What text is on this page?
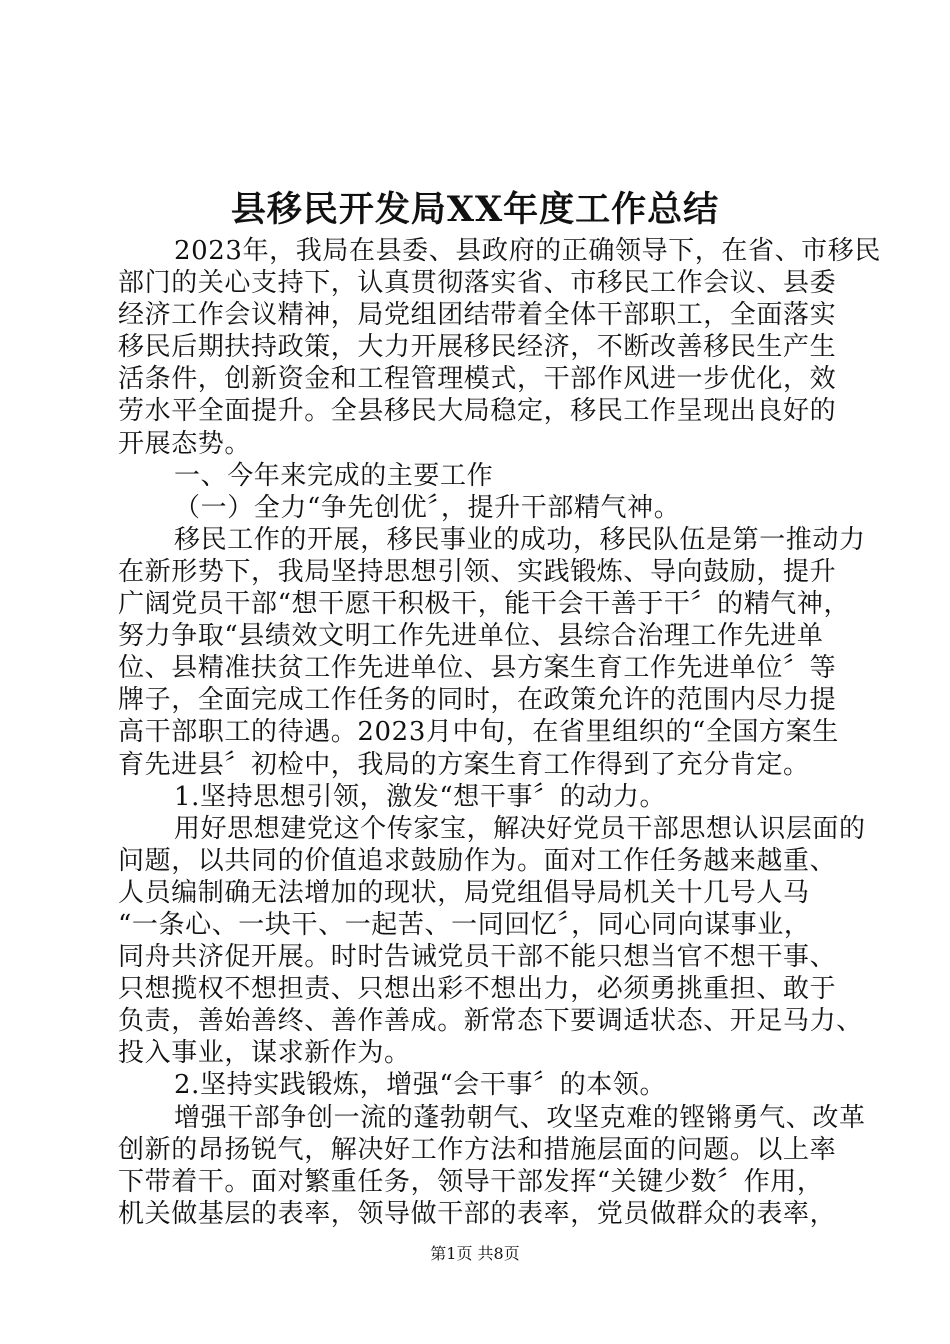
县移民开发局XX年度工作总结
2023年，我局在县委、县政府的正确领导下，在省、市移民
部门的关心支持下，认真贯彻落实省、市移民工作会议、县委
经济工作会议精神，局党组团结带着全体干部职工，全面落实
移民后期扶持政策，大力开展移民经济，不断改善移民生产生
活条件，创新资金和工程管理模式，干部作风进一步优化，效
劳水平全面提升。全县移民大局稳定，移民工作呈现出良好的
开展态势。
一、今年来完成的主要工作
（一）全力“争先创优〞，提升干部精气神。
移民工作的开展，移民事业的成功，移民队伍是第一推动力
在新形势下，我局坚持思想引领、实践锻炼、导向鼓励，提升
广阔党员干部“想干愿干积极干，能干会干善于干〞的精气神，
努力争取“县绩效文明工作先进单位、县综合治理工作先进单
位、县精准扶贫工作先进单位、县方案生育工作先进单位〞等
牌子，全面完成工作任务的同时，在政策允许的范围内尽力提
高干部职工的待遇。2023月中旬，在省里组织的“全国方案生
育先进县〞初检中，我局的方案生育工作得到了充分肯定。
1.坚持思想引领，激发“想干事〞的动力。
用好思想建党这个传家宝，解决好党员干部思想认识层面的
问题，以共同的价值追求鼓励作为。面对工作任务越来越重、
人员编制确无法增加的现状，局党组倡导局机关十几号人马
“一条心、一块干、一起苦、一同回忆〞，同心同向谋事业，
同舟共济促开展。时时告诫党员干部不能只想当官不想干事、
只想揽权不想担责、只想出彩不想出力，必须勇挑重担、敢于
负责，善始善终、善作善成。新常态下要调适状态、开足马力、
投入事业，谋求新作为。
2.坚持实践锻炼，增强“会干事〞的本领。
增强干部争创一流的蓬勃朝气、攻坚克难的铿锵勇气、改革
创新的昂扬锐气，解决好工作方法和措施层面的问题。以上率
下带着干。面对繁重任务，领导干部发挥“关键少数〞作用，
机关做基层的表率，领导做干部的表率，党员做群众的表率，
第1页 共8页
